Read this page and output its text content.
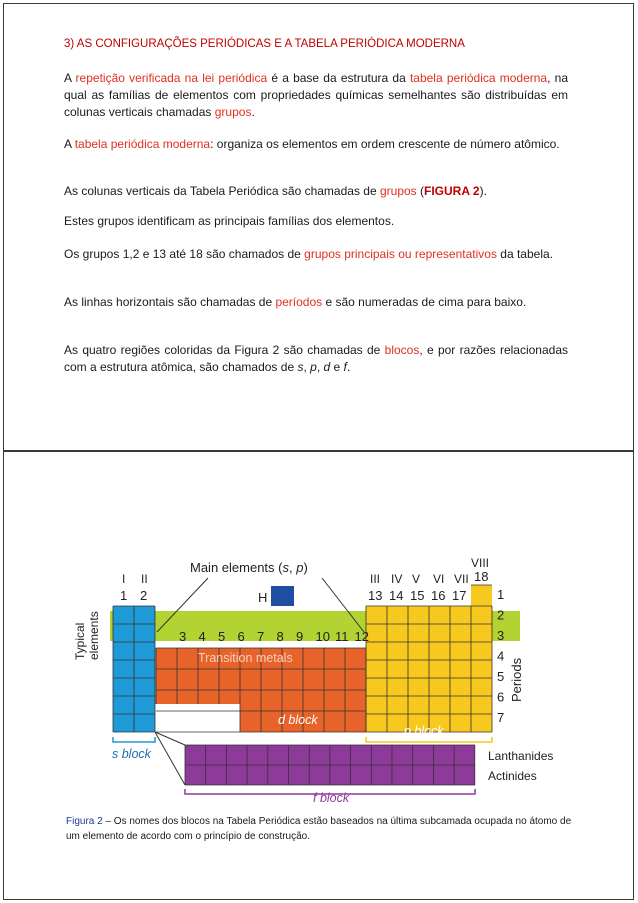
3) AS CONFIGURAÇÕES PERIÓDICAS E A TABELA PERIÓDICA MODERNA
A repetição verificada na lei periódica é a base da estrutura da tabela periódica moderna, na qual as famílias de elementos com propriedades químicas semelhantes são distribuídas em colunas verticais chamadas grupos.
A tabela periódica moderna: organiza os elementos em ordem crescente de número atômico.
As colunas verticais da Tabela Periódica são chamadas de grupos (FIGURA 2).
Estes grupos identificam as principais famílias dos elementos.
Os grupos 1,2 e 13 até 18 são chamados de grupos principais ou representativos da tabela.
As linhas horizontais são chamadas de períodos e são numeradas de cima para baixo.
As quatro regiões coloridas da Figura 2 são chamadas de blocos, e por razões relacionadas com a estrutura atômica, são chamados de s, p, d e f.
Main elements (s, p)
Typicalelements
H
I II
VIII
1 2
18
III IV V VI VII
13 14 15 16 17
3 4 5 6 7 8 9 10 11 12
1
2
3
4
5
6
7
Periods
Transition metals
d block
p block
s block
f block
Lanthanides
Actinides
Figura 2 – Os nomes dos blocos na Tabela Periódica estão baseados na última subcamada ocupada no átomo de um elemento de acordo com o princípio de construção.
